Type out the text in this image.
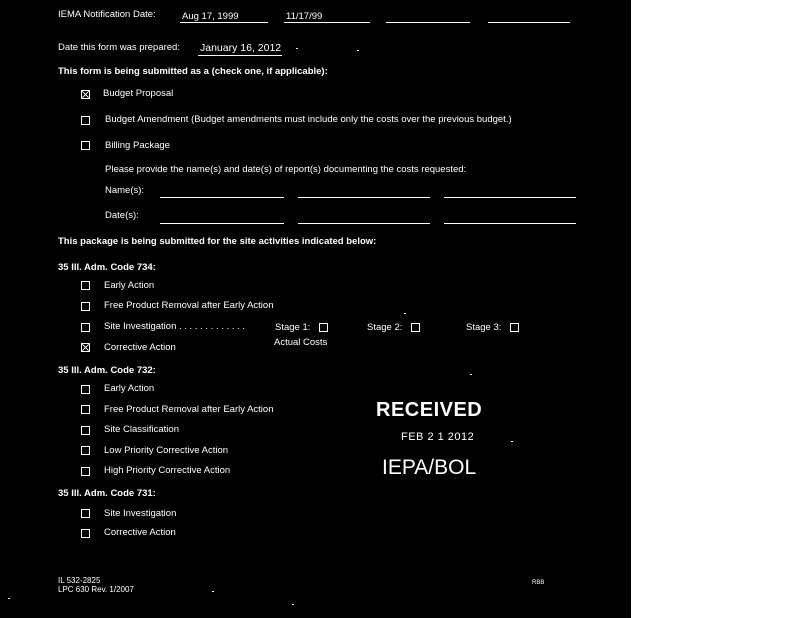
IEMA Notification Date:	Aug 17, 1999	11/17/99
Date this form was prepared: January 16, 2012
This form is being submitted as a (check one, if applicable):
Budget Proposal
Budget Amendment (Budget amendments must include only the costs over the previous budget.)
Billing Package
Please provide the name(s) and date(s) of report(s) documenting the costs requested:
Name(s):
Date(s):
This package is being submitted for the site activities indicated below:
35 Ill. Adm. Code 734:
Early Action
Free Product Removal after Early Action
Site Investigation . . . . . . . . . . . . .	Stage 1:	Stage 2:	Stage 3:
Corrective Action	Actual Costs
35 Ill. Adm. Code 732:
Early Action
Free Product Removal after Early Action
Site Classification
Low Priority Corrective Action
High Priority Corrective Action
35 Ill. Adm. Code 731:
Site Investigation
Corrective Action
RECEIVED
FEB 2 1 2012
IEPA/BOL
IL 532-2825
LPC 630 Rev. 1/2007
RBB
